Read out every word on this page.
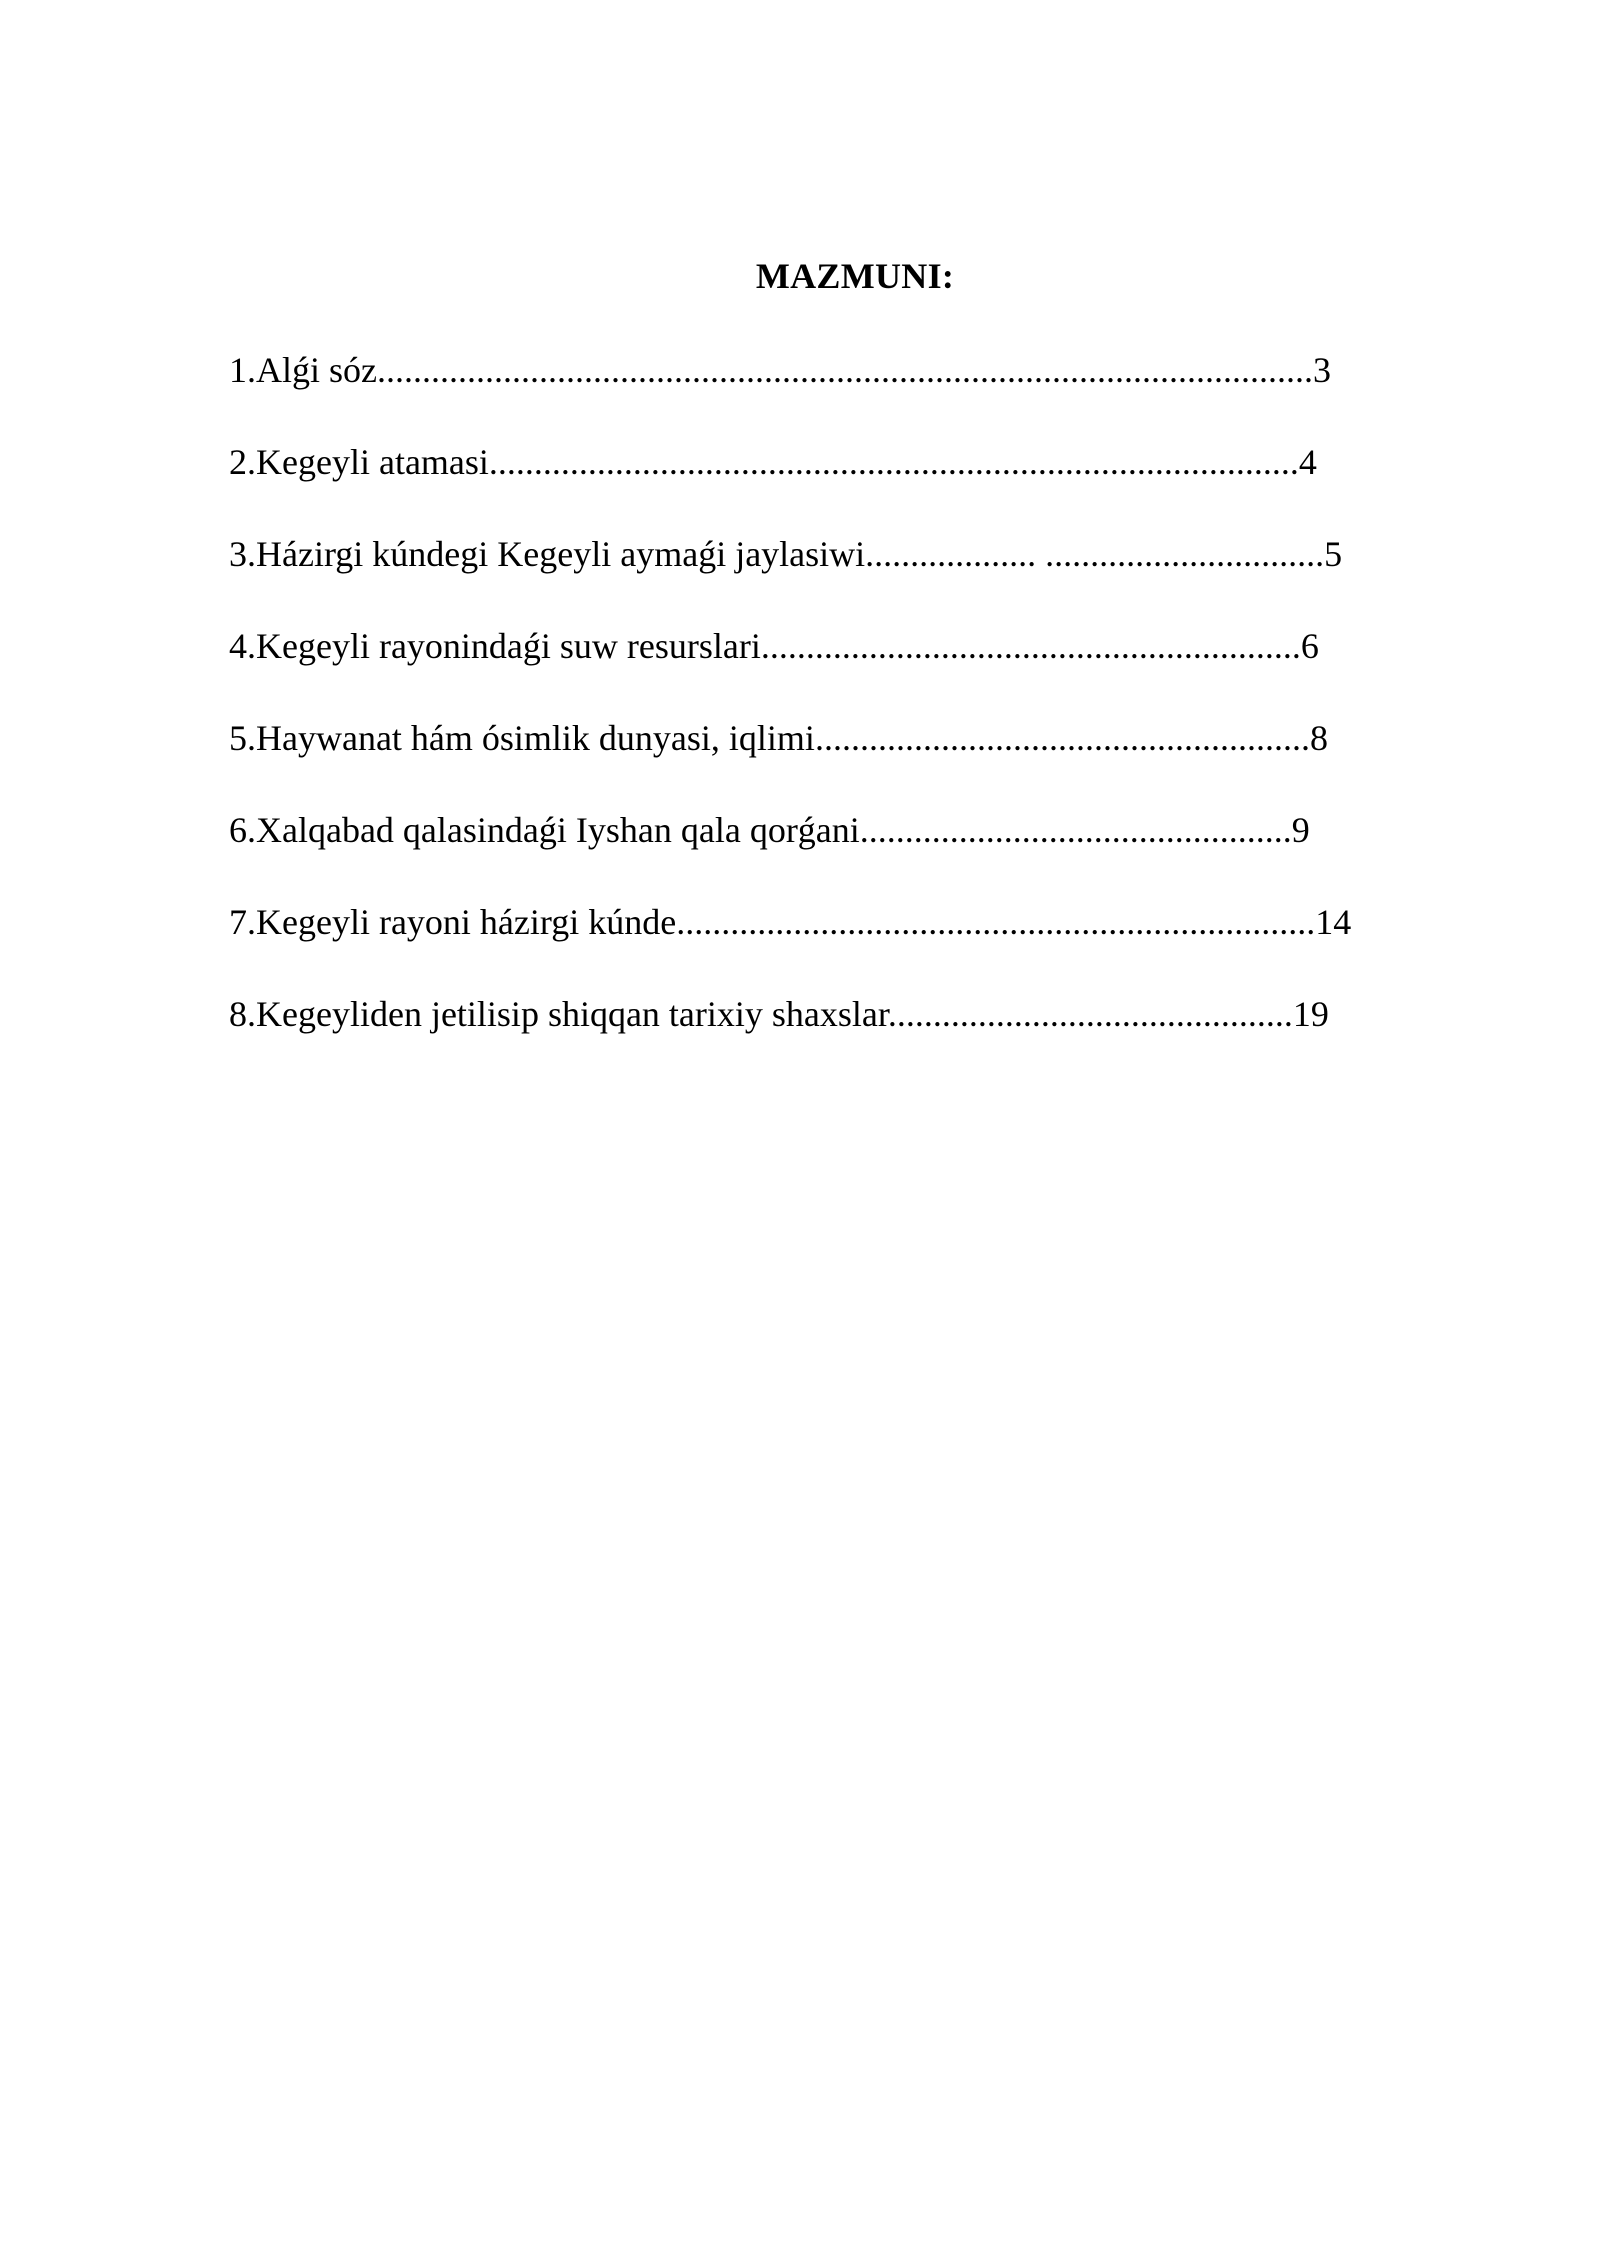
MAZMUNI:
1.Alǵi sóz........................................................................................................3
2.Kegeyli atamasi..........................................................................................4
3.Házirgi kúndegi Kegeyli aymaǵi jaylasiwi................... ...............................5
4.Kegeyli rayonindaǵi suw resurslari............................................................6
5.Haywanat hám ósimlik dunyasi, iqlimi.......................................................8
6.Xalqabad qalasindaǵi Iyshan qala qorǵani................................................9
7.Kegeyli rayoni házirgi kúnde.......................................................................14
8.Kegeyliden jetilisip shiqqan tarixiy shaxslar.............................................19
